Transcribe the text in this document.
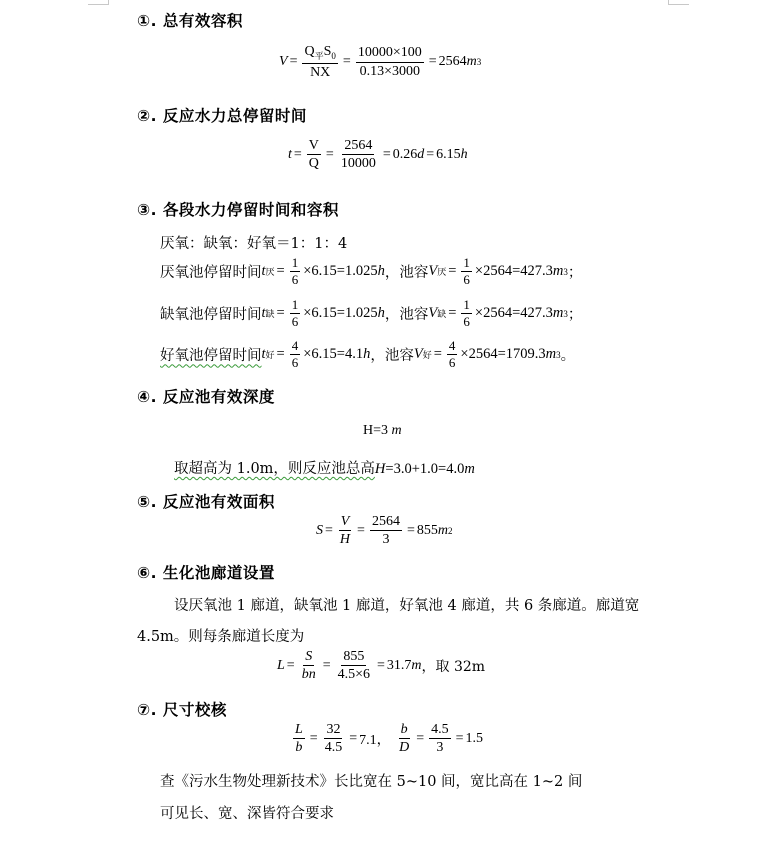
①. 总有效容积
$V = \frac{Q_平S_0}{NX} = \frac{10000\times 100}{0.13\times 3000} = 2564$ m 3
②. 反应水力总停留时间
$t = \frac{V}{Q} = \frac{2564}{10000} = 0.26$ d = 6.15 h
③. 各段水力停留时间和容积
厌氧：缺氧：好氧＝1：1：4
厌氧池停留时间 t 厌 = $\frac{1}{6} \times 6.15=1.025$ h ，池容 V 厌 = $\frac{1}{6} \times 2564=427.3$ m 3 ；
缺氧池停留时间 t 缺 = $\frac{1}{6} \times 6.15=1.025$ h ，池容 V 缺 = $\frac{1}{6} \times 2564=427.3$ m 3 ；
好氧池停留时间 t 好 = $\frac{4}{6} \times 6.15=4.1$ h ，池容 V 好 = $\frac{4}{6} \times 2564=1709.3$ m 3 。
④. 反应池有效深度
H=3
m
取超高为 1.0m，则反应池总高H=3.0+1.0=4.0m
⑤. 反应池有效面积
$S = \frac{V}{H} = \frac{2564}{3} = 855$ m 2
⑥. 生化池廊道设置
设厌氧池 1 廊道，缺氧池 1 廊道，好氧池 4 廊道，共 6 条廊道。廊道宽
4.5m。则每条廊道长度为
$L = \frac{S}{bn} = \frac{855}{4.5\times 6} = 31.7$ m ，取 32m
⑦. 尺寸校核
$\frac{L}{b} = \frac{32}{4.5} = 7.1$，
$\frac{b}{D} = \frac{4.5}{3} = 1.5$
查《污水生物处理新技术》长比宽在 5~10 间，宽比高在 1~2 间
可见长、宽、深皆符合要求
